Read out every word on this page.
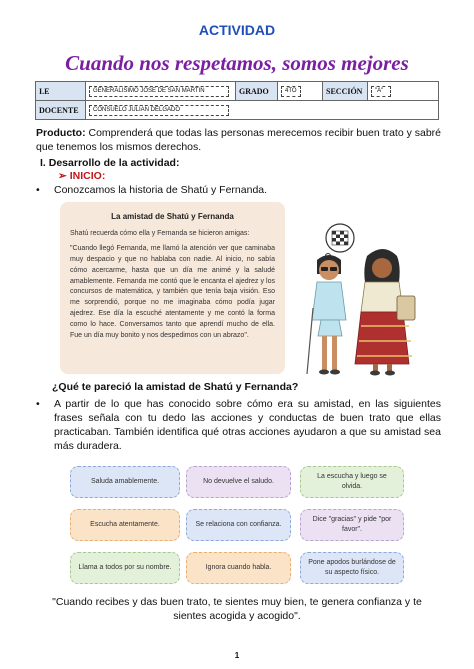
ACTIVIDAD
Cuando nos respetamos, somos mejores
I.E	GENERALISIMO JOSE DE SAN MARTIN	GRADO	4TO	SECCIÓN	"A"
DOCENTE	CONSUELO JULIAN DELGADO				
Producto: Comprenderá que todas las personas merecemos recibir buen trato y sabré que tenemos los mismos derechos.
I. Desarrollo de la actividad:
➢ INICIO:
• Conozcamos la historia de Shatú y Fernanda.
La amistad de Shatú y Fernanda
Shatú recuerda cómo ella y Fernanda se hicieron amigas:
"Cuando llegó Fernanda, me llamó la atención ver que caminaba muy despacio y que no hablaba con nadie. Al inicio, no sabía cómo acercarme, hasta que un día me animé y la saludé amablemente. Fernanda me contó que le encanta el ajedrez y los concursos de matemática, y también que tenía baja visión. Eso me sorprendió, porque no me imaginaba cómo podía jugar ajedrez. Ese día la escuché atentamente y me contó la forma como lo hace. Conversamos tanto que aprendí mucho de ella. Fue un día muy bonito y nos despedimos con un abrazo".
¿Qué te pareció la amistad de Shatú y Fernanda?
•	A partir de lo que has conocido sobre cómo era su amistad, en las siguientes frases señala con tu dedo las acciones y conductas de buen trato que ellas practicaban. También identifica qué otras acciones ayudaron a que su amistad sea más duradera.
Saluda amablemente.	No devuelve el saludo.
La escucha y luego se olvida.
Escucha atentamente.	Se relaciona con confianza.
Dice "gracias" y pide "por favor".
Llama a todos por su nombre.	Ignora cuando habla.
Pone apodos burlándose de su aspecto físico.
"Cuando recibes y das buen trato, te sientes muy bien, te genera confianza y te sientes acogida y acogido".
1
